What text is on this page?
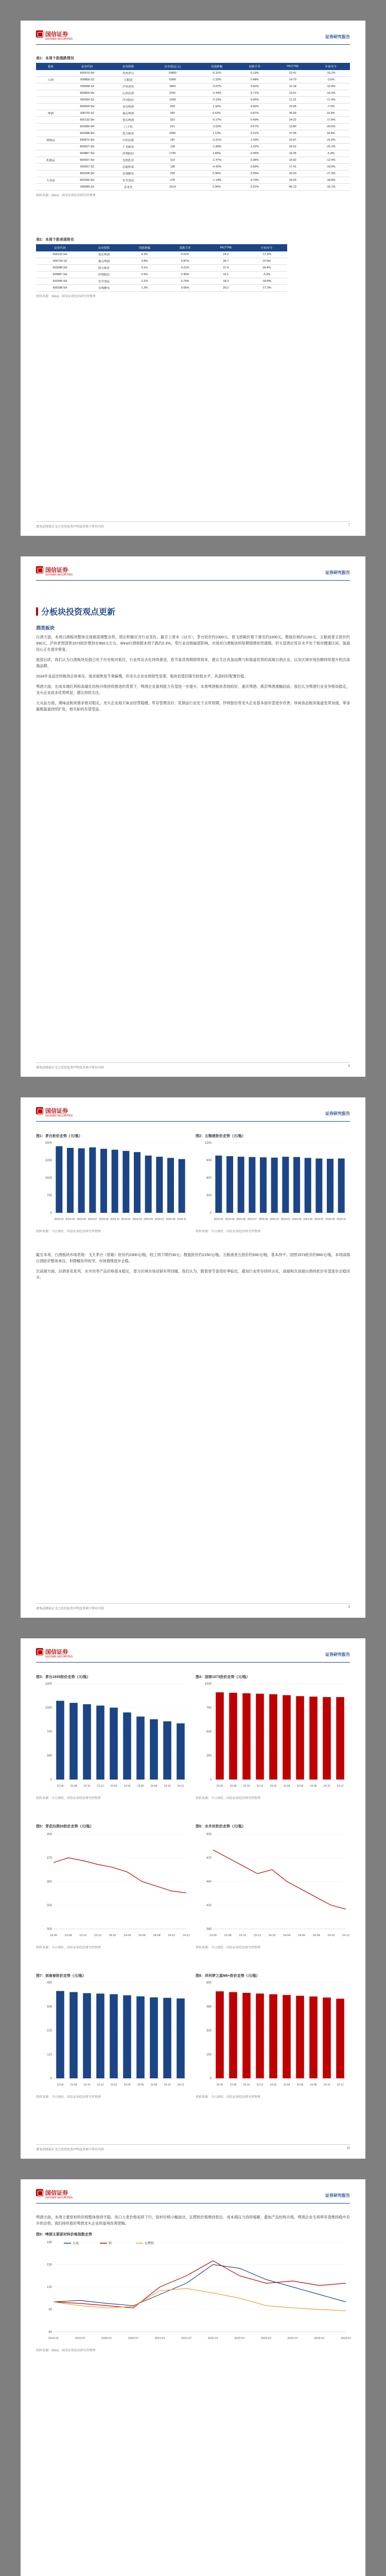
国信证券
GUOSEN SECURITIES	证券研究报告
表1：本周个股涨跌情况
板块	证券代码	证券简称	总市值(亿元)	周涨跌幅	周换手率	PE(TTM)	年初至今
	600519.SH	贵州茅台	20850	-0.31%	0.13%	22.41	-15.2%
白酒	000858.SZ	五粮液	5398	-1.52%	0.48%	14.70	-2.6%
	000568.SZ	泸州老窖	1856	-3.07%	0.92%	12.18	-12.8%
	600809.SH	山西汾酒	2241	-2.44%	0.71%	19.51	-13.3%
	002304.SZ	洋河股份	1209	-2.19%	0.45%	11.22	-17.4%
	600600.SH	青岛啤酒	920	1.32%	0.66%	22.05	-7.5%
啤酒	000729.SZ	燕京啤酒	283	0.52%	0.87%	36.69	16.9%
	600132.SH	重庆啤酒	331	-0.27%	0.49%	24.22	-17.8%
	603589.SH	口子窖	221	-3.52%	0.57%	12.80	-20.5%
	603288.SH	海天味业	2350	1.12%	0.21%	37.35	18.4%
调味品	600872.SH	中炬高新	187	-2.21%	1.03%	22.87	-21.6%
	603027.SH	千禾味业	139	-1.80%	1.22%	25.52	-22.3%
	600887.SH	伊利股份	1735	1.65%	0.45%	16.05	-5.4%
乳制品	600597.SH	光明乳业	113	-1.47%	0.38%	16.92	-12.4%
	002507.SZ	涪陵榨菜	138	-0.42%	0.69%	17.41	-19.9%
	600298.SH	安琪酵母	259	0.36%	0.55%	20.20	-17.3%
大众品	603345.SH	安井食品	278	-1.14%	0.79%	18.33	-18.8%
	300999.SZ	金龙鱼	1514	0.96%	0.22%	46.13	-16.1%
资料来源：Wind，国信证券经济研究所整理
表2：本周个股表现排名
证券代码	证券简称	周涨跌幅	周换手率	PE(TTM)	年初至今
600132.SH	重庆啤酒	4.2%	0.51%	24.2	-17.8%
000729.SZ	燕京啤酒	3.8%	0.87%	36.7	16.9%
603288.SH	海天味业	3.1%	0.21%	37.4	18.4%
600887.SH	伊利股份	2.5%	0.45%	16.1	-5.4%
603345.SH	安井食品	2.1%	0.79%	18.3	-18.8%
600298.SH	安琪酵母	1.2%	0.55%	20.2	-17.3%
资料来源：Wind，国信证券经济研究所整理
请务必阅读正文之后的免责声明及其项下所有内容	7
国信证券
GUOSEN SECURITIES	证券研究报告
分板块投资观点更新
酒类板块
白酒方面，本周白酒板块整体呈现震荡调整态势，酒企积极应对行业变化。截至上周末（12月），茅台批价约2300元，普飞原箱价格下滑至约2200元，散瓶价格约2150元。五粮液普五批价约930元，泸州老窖国窖1573批价维持在860元左右，Wind白酒指数本周下跌约2.3%。受行业动销偏弱影响，市场对白酒板块的短期情绪依然谨慎，但头部酒企库存水平处于相对健康区间，渠道信心正在逐步修复。
展望后续，我们认为白酒板块估值已处于历史相对低位，行业库存去化持续推进，春节备货周期即将到来，建议关注具备品牌力和渠道优势的高端白酒企业，以及区域市场份额持续提升的次高端品牌。
2024年食品饮料板块总体承压，需求端恢复节奏偏慢，但龙头企业业绩韧性显著，板块估值回落至较低水平，具备较好配置价值。
啤酒方面，在成本端红利和高端化结构升级持续推进的背景下，啤酒企业盈利能力有望进一步提升。本周啤酒板块表现较好，重庆啤酒、燕京啤酒涨幅居前。我们认为啤酒行业竞争格局稳定，龙头企业成本优势明显，建议持续关注。
大众品方面，调味品板块需求相对稳定，龙头企业海天味业经营稳健，库存管理良好；乳制品行业处于去库周期，伊利股份等龙头企业基本面有望逐步改善；休闲食品板块渠道变革加速，零食量贩渠道持续扩张，相关标的有望受益。
请务必阅读正文之后的免责声明及其项下所有内容	8
国信证券
GUOSEN SECURITIES	证券研究报告
图1：茅台批价走势（元/瓶）
0
750
1500
2250
3000
2023-01 2023-03 2023-05 2023-07 2023-09 2023-11 2024-01 2024-03 2024-05 2024-07 2024-09 2024-11
资料来源：今日酒价，国信证券经济研究所整理
图2：五粮液批价走势（元/瓶）
0
300
600
900
1200
2023-01 2023-03 2023-05 2023-07 2023-09 2023-11 2024-01 2024-03 2024-05 2024-07 2024-09 2024-11
资料来源：今日酒价，国信证券经济研究所整理
截至本周，白酒板块市场表现：飞天茅台（原箱）批价约2300元/瓶，较上周下降约30元；散瓶批价约2150元/瓶。五粮液普五批价约930元/瓶，基本持平。国窖1573批价约860元/瓶。本周高端白酒批价整体承压，但降幅有所收窄，市场情绪逐步企稳。
次高端方面，汾酒青花系列、水井坊等产品价格基本稳定，部分区域市场动销有所回暖。我们认为，随着春节备货旺季临近，叠加行业库存持续去化，高端和次高端白酒的批价有望逐步企稳回升。
请务必阅读正文之后的免责声明及其项下所有内容	9
国信证券
GUOSEN SECURITIES	证券研究报告
图3：茅台1935批价走势（元/瓶）
0
350
700
1050
1400
23-06	23-08	23-10	23-12	24-02	24-04	24-06	24-08	24-10	24-12
资料来源：今日酒价，国信证券经济研究所整理
图4：国窖1573批价走势（元/瓶）
0
250
500
750
1000
23-06	23-08	23-10	23-12	24-02	24-04	24-06	24-08	24-10	24-12
资料来源：今日酒价，国信证券经济研究所整理
图5：青花汾酒20批价走势（元/瓶）
300
325
350
375
400
23-06	23-08	23-10	23-12	24-02	24-04	24-06	24-08	24-10	24-12
资料来源：今日酒价，国信证券经济研究所整理
图6：水井坊批价走势（元/瓶）
380
410
440
470
500
23-06	23-08	23-10	23-12	24-02	24-04	24-06	24-08	24-10	24-12
资料来源：今日酒价，国信证券经济研究所整理
图7：剑南春批价走势（元/瓶）
0
113
225
338
450
23-06	23-08	23-10	23-12	24-02	24-04	24-06	24-08	24-10	24-12
资料来源：今日酒价，国信证券经济研究所整理
图8：洋河梦之蓝M6+批价走势（元/瓶）
0
163
325
488
650
23-06	23-08	23-10	23-12	24-02	24-04	24-06	24-08	24-10	24-12
资料来源：今日酒价，国信证券经济研究所整理
请务必阅读正文之后的免责声明及其项下所有内容	10
国信证券
GUOSEN SECURITIES	证券研究报告
啤酒方面，本周主要原材料价格整体保持平稳。进口大麦价格延续下行，铝材价格小幅波动，瓦楞纸价格维持低位。成本端压力持续缓解，叠加产品结构升级，啤酒企业毛利率有望维持稳中有升的态势。我们持续看好啤酒龙头企业的盈利改善逻辑。
图9：啤酒主要原材料价格指数走势
60
90
120
150
180
2019-01	2019-07	2020-01	2020-07	2021-01	2021-07	2022-01	2022-07	2023-01	2023-07	2024-01	2024-07
大麦	铝	瓦楞纸
资料来源：Wind，国信证券经济研究所整理
